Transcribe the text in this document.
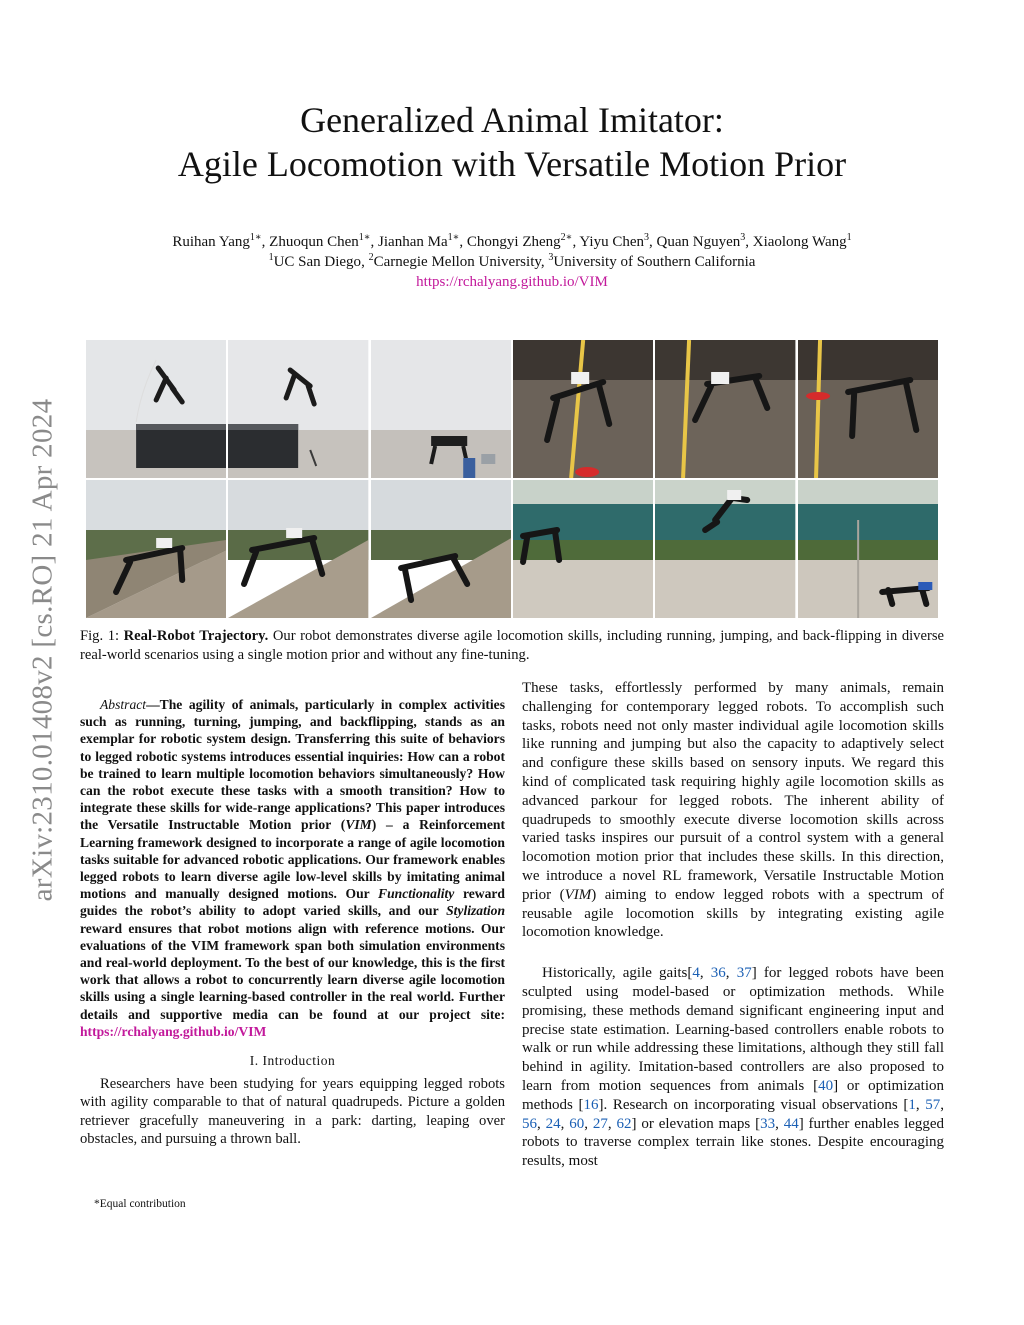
arXiv:2310.01408v2 [cs.RO] 21 Apr 2024
Generalized Animal Imitator:
Agile Locomotion with Versatile Motion Prior
Ruihan Yang$^{1∗}$, Zhuoqun Chen$^{1∗}$, Jianhan $Ma^{1∗}$, Chongyi Zheng$^{2∗}$, Yiyu Chen$^3$, Quan Nguyen$^3$, Xiaolong Wang$^1$
$^1$UC San Diego, $^2$Carnegie Mellon University, $^3$University of Southern California
https://rchalyang.github.io/VIM
Fig. 1: Real-Robot Trajectory. Our robot demonstrates diverse agile locomotion skills, including running, jumping, and back-flipping in diverse real-world scenarios using a single motion prior and without any fine-tuning.

Abstract—The agility of animals, particularly in complex activities such as running, turning, jumping, and backflipping, stands as an exemplar for robotic system design. Transferring this suite of behaviors to legged robotic systems introduces essential inquiries: How can a robot be trained to learn multiple locomotion behaviors simultaneously? How can the robot execute these tasks with a smooth transition? How to integrate these skills for wide-range applications? This paper introduces the Versatile Instructable Motion prior (VIM) – a Reinforcement Learning framework designed to incorporate a range of agile locomotion tasks suitable for advanced robotic applications. Our framework enables legged robots to learn diverse agile low-level skills by imitating animal motions and manually designed motions. Our Functionality reward guides the robot’s ability to adopt varied skills, and our Stylization reward ensures that robot motions align with reference motions. Our evaluations of the VIM framework span both simulation environments and real-world deployment. To the best of our knowledge, this is the first work that allows a robot to concurrently learn diverse agile locomotion skills using a single learning-based controller in the real world. Further details and supportive media can be found at our project site: https://rchalyang.github.io/VIM

I. Introduction

Researchers have been studying for years equipping legged robots with agility comparable to that of natural quadrupeds. Picture a golden retriever gracefully maneuvering in a park: darting, leaping over obstacles, and pursuing a thrown ball.

*Equal contribution

These tasks, effortlessly performed by many animals, remain challenging for contemporary legged robots. To accomplish such tasks, robots need not only master individual agile locomotion skills like running and jumping but also the capacity to adaptively select and configure these skills based on sensory inputs. We regard this kind of complicated task requiring highly agile locomotion skills as advanced parkour for legged robots. The inherent ability of quadrupeds to smoothly execute diverse locomotion skills across varied tasks inspires our pursuit of a control system with a general locomotion motion prior that includes these skills. In this direction, we introduce a novel RL framework, Versatile Instructable Motion prior (VIM) aiming to endow legged robots with a spectrum of reusable agile locomotion skills by integrating existing agile locomotion knowledge.

Historically, agile gaits[4, 36, 37] for legged robots have been sculpted using model-based or optimization methods. While promising, these methods demand significant engineering input and precise state estimation. Learning-based controllers enable robots to walk or run while addressing these limitations, although they still fall behind in agility. Imitation-based controllers are also proposed to learn from motion sequences from animals [40] or optimization methods [16]. Research on incorporating visual observations [1, 57, 56, 24, 60, 27, 62] or elevation maps [33, 44] further enables legged robots to traverse complex terrain like stones. Despite encouraging results, most
